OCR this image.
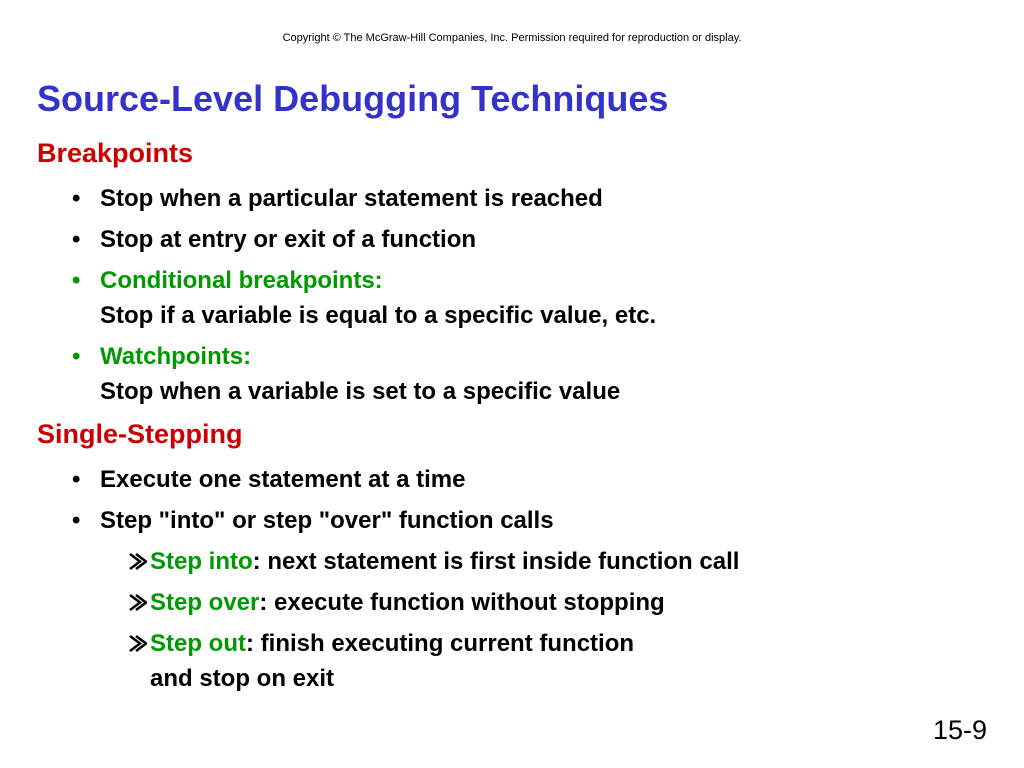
Copyright © The McGraw-Hill Companies, Inc. Permission required for reproduction or display.
Source-Level Debugging Techniques
Breakpoints
• Stop when a particular statement is reached
• Stop at entry or exit of a function
• Conditional breakpoints:
Stop if a variable is equal to a specific value, etc.
• Watchpoints:
Stop when a variable is set to a specific value
Single-Stepping
• Execute one statement at a time
• Step "into" or step "over" function calls
Step into: next statement is first inside function call
Step over: execute function without stopping
Step out: finish executing current function
and stop on exit
15-9
